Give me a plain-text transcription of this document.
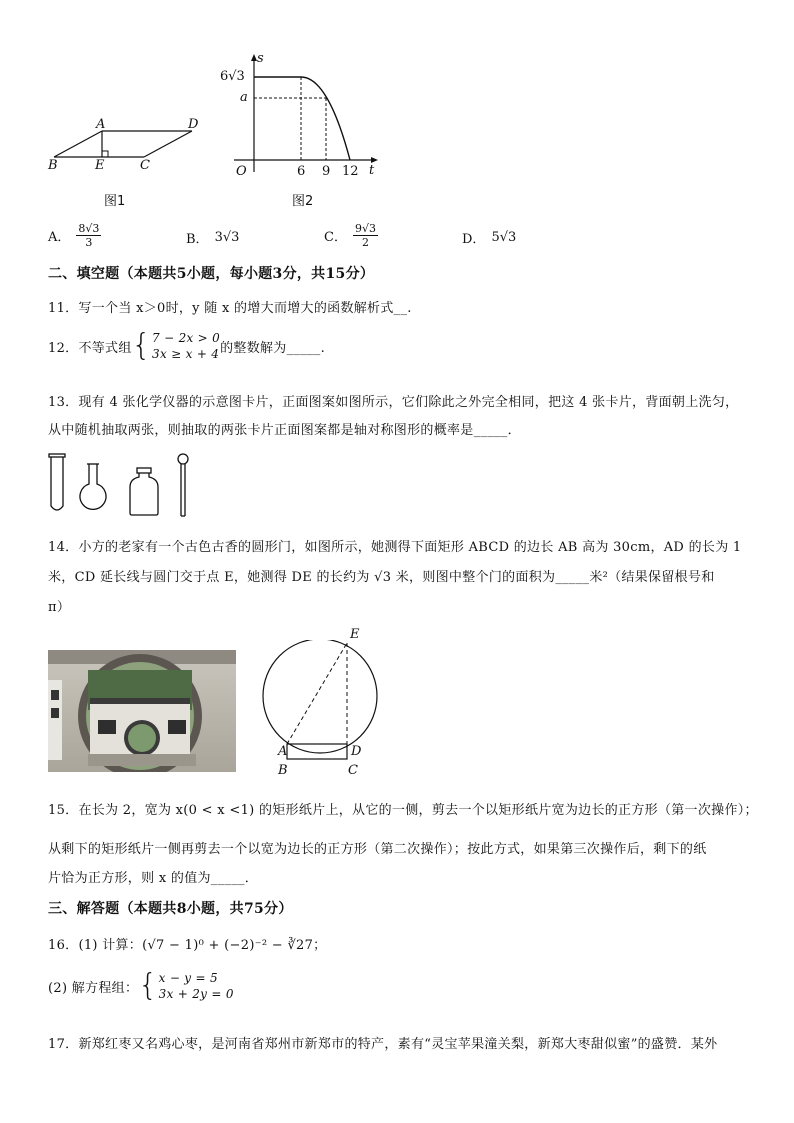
A	D
B	E	C
图1
s
t
O
6√3
a
6 9 12
图2
A． $\frac{8√3}{3}$	B． 3√3	C． $\frac{9√3}{2}$	D． 5√3
二、填空题（本题共5小题，每小题3分，共15分）
11．写一个当 x＞0时，y 随 x 的增大而增大的函数解析式__.
12．不等式组 { 7 − 2x > 0
3x ≥ x + 4 的整数解为_____.
13．现有 4 张化学仪器的示意图卡片，正面图案如图所示，它们除此之外完全相同，把这 4 张卡片，背面朝上洗匀，
从中随机抽取两张，则抽取的两张卡片正面图案都是轴对称图形的概率是_____．
14．小方的老家有一个古色古香的圆形门，如图所示，她测得下面矩形 ABCD 的边长 AB 高为 30cm，AD 的长为 1
米，CD 延长线与圆门交于点 E，她测得 DE 的长约为 √3 米，则图中整个门的面积为_____米²（结果保留根号和
π）
E
A	D
B	C
15．在长为 2，宽为 x(0 < x <1) 的矩形纸片上，从它的一侧，剪去一个以矩形纸片宽为边长的正方形（第一次操作）；
从剩下的矩形纸片一侧再剪去一个以宽为边长的正方形（第二次操作）；按此方式，如果第三次操作后，剩下的纸
片恰为正方形，则 x 的值为_____．
三、解答题（本题共8小题，共75分）
16．(1) 计算：(√7 − 1)⁰ + (−2)⁻² − ∛27；
(2) 解方程组： { x − y = 5
3x + 2y = 0
17．新郑红枣又名鸡心枣，是河南省郑州市新郑市的特产，素有“灵宝苹果潼关梨，新郑大枣甜似蜜”的盛赞．某外
